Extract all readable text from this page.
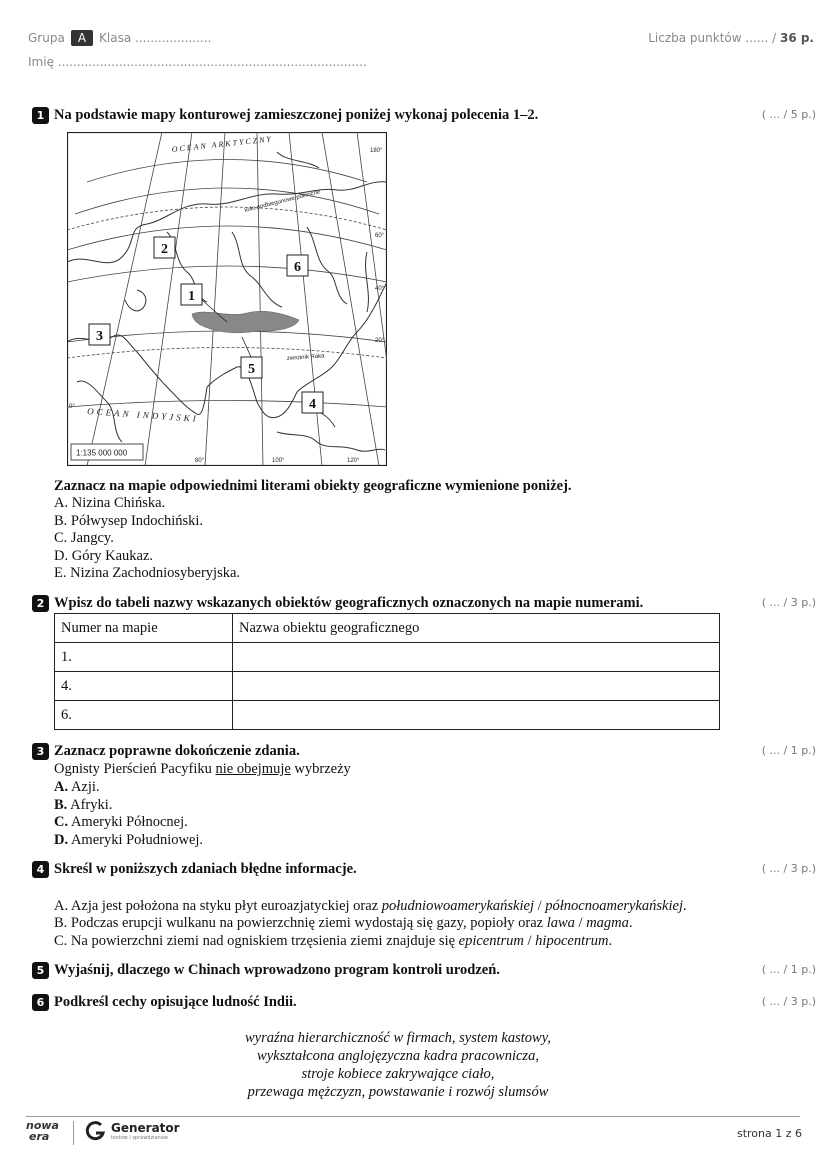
Grupa A Klasa ....................	Liczba punktów ...... / 36 p.
Imię .................................................................................
1 Na podstawie mapy konturowej zamieszczonej poniżej wykonaj polecenia 1–2.	( ... / 5 p.)
OCEAN ARKTYCZNY
koło podbiegunowe północne
zwrotnik Raka
OCEAN INDYJSKI
180°
80°	100°	120°
0°
20°
40°
60°
1:135 000 000
2
6
1
3
5
4
Zaznacz na mapie odpowiednimi literami obiekty geograficzne wymienione poniżej.
A. Nizina Chińska.
B. Półwysep Indochiński.
C. Jangcy.
D. Góry Kaukaz.
E. Nizina Zachodniosyberyjska.
2 Wpisz do tabeli nazwy wskazanych obiektów geograficznych oznaczonych na mapie numerami.	( ... / 3 p.)
Numer na mapie	Nazwa obiektu geograficznego
1.	
4.	
6.	
3 Zaznacz poprawne dokończenie zdania.	( ... / 1 p.)
Ognisty Pierścień Pacyfiku nie obejmuje wybrzeży
A. Azji.
B. Afryki.
C. Ameryki Północnej.
D. Ameryki Południowej.
4 Skreśl w poniższych zdaniach błędne informacje.	( ... / 3 p.)
A. Azja jest położona na styku płyt euroazjatyckiej oraz południowoamerykańskiej / północnoamerykańskiej.
B. Podczas erupcji wulkanu na powierzchnię ziemi wydostają się gazy, popioły oraz lawa / magma.
C. Na powierzchni ziemi nad ogniskiem trzęsienia ziemi znajduje się epicentrum / hipocentrum.
5 Wyjaśnij, dlaczego w Chinach wprowadzono program kontroli urodzeń.	( ... / 1 p.)
6 Podkreśl cechy opisujące ludność Indii.	( ... / 3 p.)
wyraźna hierarchiczność w firmach, system kastowy,
wykształcona anglojęzyczna kadra pracownicza,
stroje kobiece zakrywające ciało,
przewaga mężczyzn, powstawanie i rozwój slumsów
nowa
era
Generator
testów i sprawdzianów	strona 1 z 6
